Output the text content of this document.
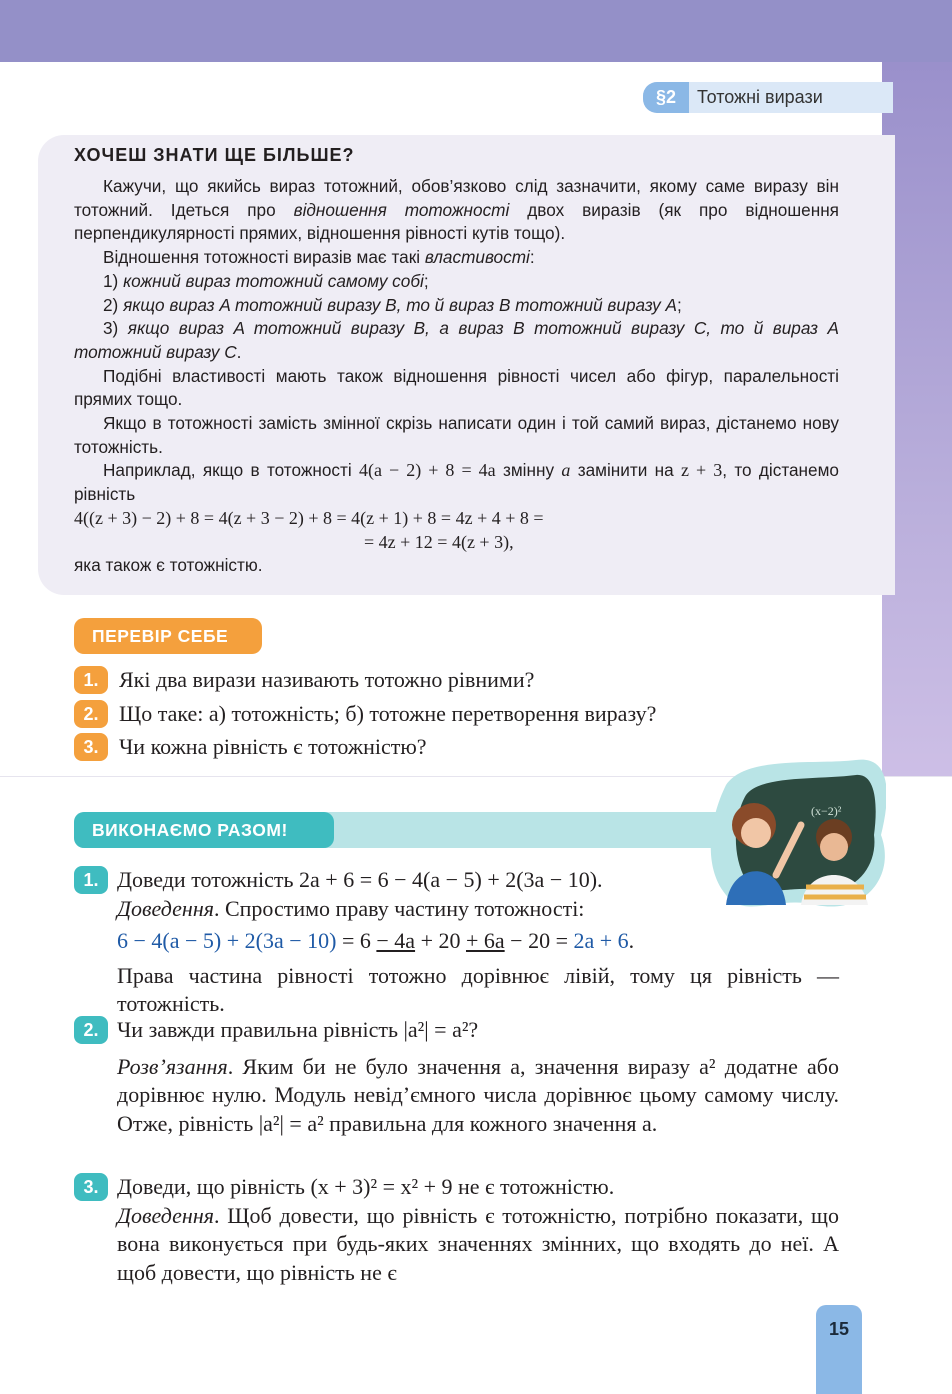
§2	Тотожні вирази
ХОЧЕШ ЗНАТИ ЩЕ БІЛЬШЕ?

Кажучи, що якийсь вираз тотожний, обов’язково слід зазначити, якому саме виразу він тотожний. Ідеться про відношення тотожності двох виразів (як про відношення перпендикулярності прямих, відношення рівності кутів тощо).

Відношення тотожності виразів має такі властивості:

1) кожний вираз тотожний самому собі;

2) якщо вираз A тотожний виразу B, то й вираз B тотожний виразу A;

3) якщо вираз A тотожний виразу B, а вираз B тотожний виразу C, то й вираз A тотожний виразу C.

Подібні властивості мають також відношення рівності чисел або фігур, паралельності прямих тощо.

Якщо в тотожності замість змінної скрізь написати один і той самий вираз, дістанемо нову тотожність.

Наприклад, якщо в тотожності 4(a − 2) + 8 = 4a змінну a замінити на z + 3, то дістанемо рівність

4((z + 3) − 2) + 8 = 4(z + 3 − 2) + 8 = 4(z + 1) + 8 = 4z + 4 + 8 =

= 4z + 12 = 4(z + 3),

яка також є тотожністю.

ПЕРЕВІР СЕБЕ
1. Які два вирази називають тотожно рівними?
2. Що таке: а) тотожність; б) тотожне перетворення виразу?
3. Чи кожна рівність є тотожністю?
ВИКОНАЄМО РАЗОМ!
(x−2)²
1. Доведи тотожність 2a + 6 = 6 − 4(a − 5) + 2(3a − 10).

Доведення. Спростимо праву частину тотожності:

6 − 4(a − 5) + 2(3a − 10) = 6 − 4a + 20 + 6a − 20 = 2a + 6.

Права частина рівності тотожно дорівнює лівій, тому ця рівність — тотожність.

2. Чи завжди правильна рівність |a²| = a²?

Розв’язання. Яким би не було значення a, значення виразу a² додатне або дорівнює нулю. Модуль невід’ємного числа дорівнює цьому самому числу. Отже, рівність |a²| = a² правильна для кожного значення a.

3. Доведи, що рівність (x + 3)² = x² + 9 не є тотожністю.

Доведення. Щоб довести, що рівність є тотожністю, потрібно показати, що вона виконується при будь-яких значеннях змінних, що входять до неї. А щоб довести, що рівність не є

15
